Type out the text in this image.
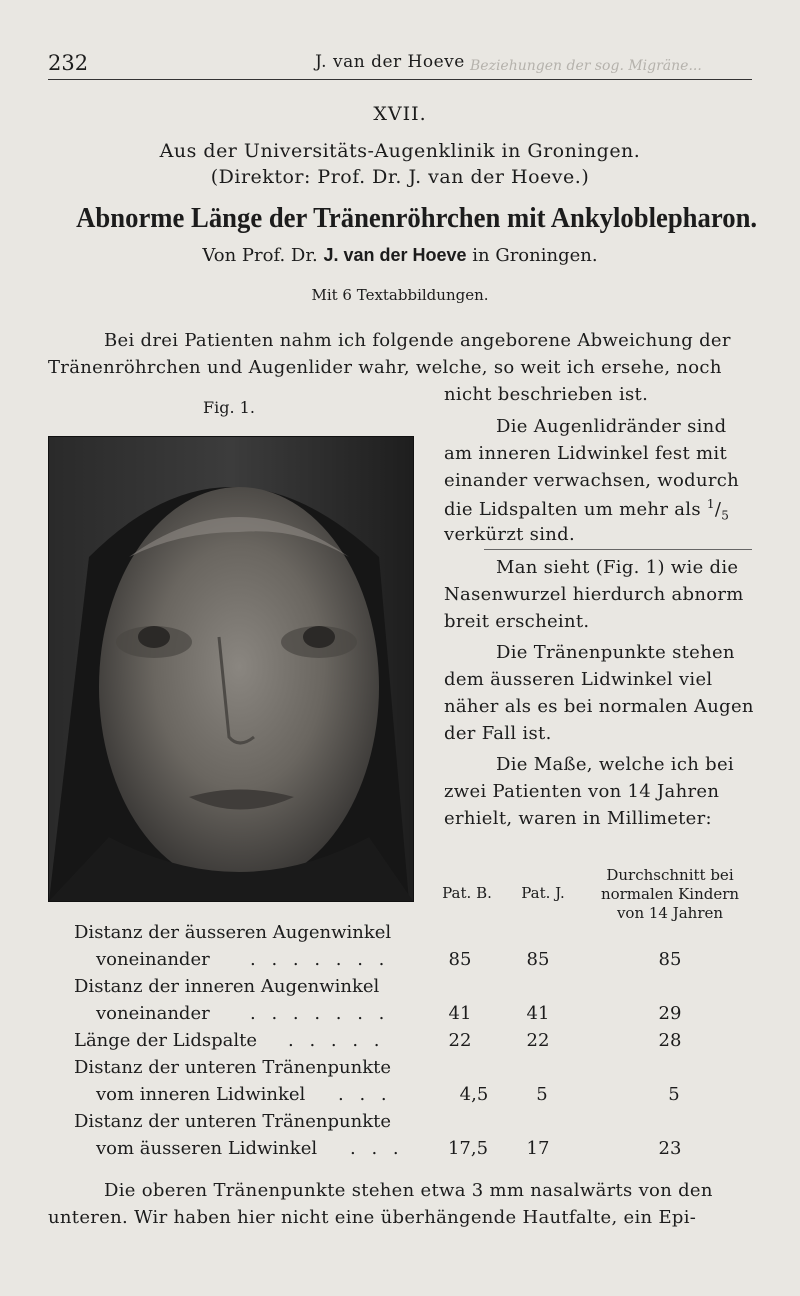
232	J. van der Hoeve Beziehungen der sog. Migräne...
XVII.
Aus der Universitäts-Augenklinik in Groningen.
(Direktor: Prof. Dr. J. van der Hoeve.)
Abnorme Länge der Tränenröhrchen mit Ankyloblepharon.
Von Prof. Dr. J. van der Hoeve in Groningen.
Mit 6 Textabbildungen.
Bei drei Patienten nahm ich folgende angeborene Abweichung der
Tränenröhrchen und Augenlider wahr, welche, so weit ich ersehe, noch
nicht beschrieben ist.
Fig. 1.
Die Augenlidränder sind
am inneren Lidwinkel fest mit
einander verwachsen, wodurch
die Lidspalten um mehr als $^1/_5$
verkürzt sind.
Man sieht (Fig. 1) wie die
Nasenwurzel hierdurch abnorm
breit erscheint.
Die Tränenpunkte stehen
dem äusseren Lidwinkel viel
näher als es bei normalen Augen
der Fall ist.
Die Maße, welche ich bei
zwei Patienten von 14 Jahren
erhielt, waren in Millimeter:
Pat. B.	Pat. J.
Durchschnitt bei
normalen Kindern
von 14 Jahren
Distanz der äusseren Augenwinkel
voneinander . . . . . . .	85	85	85
Distanz der inneren Augenwinkel
voneinander . . . . . . .	41	41	29
Länge der Lidspalte . . . . .	22	22	28
Distanz der unteren Tränenpunkte
vom inneren Lidwinkel . . .	4,5	5	5
Distanz der unteren Tränenpunkte
vom äusseren Lidwinkel . . .	17,5	17	23
Die oberen Tränenpunkte stehen etwa 3 mm nasalwärts von den
unteren. Wir haben hier nicht eine überhängende Hautfalte, ein Epi-
